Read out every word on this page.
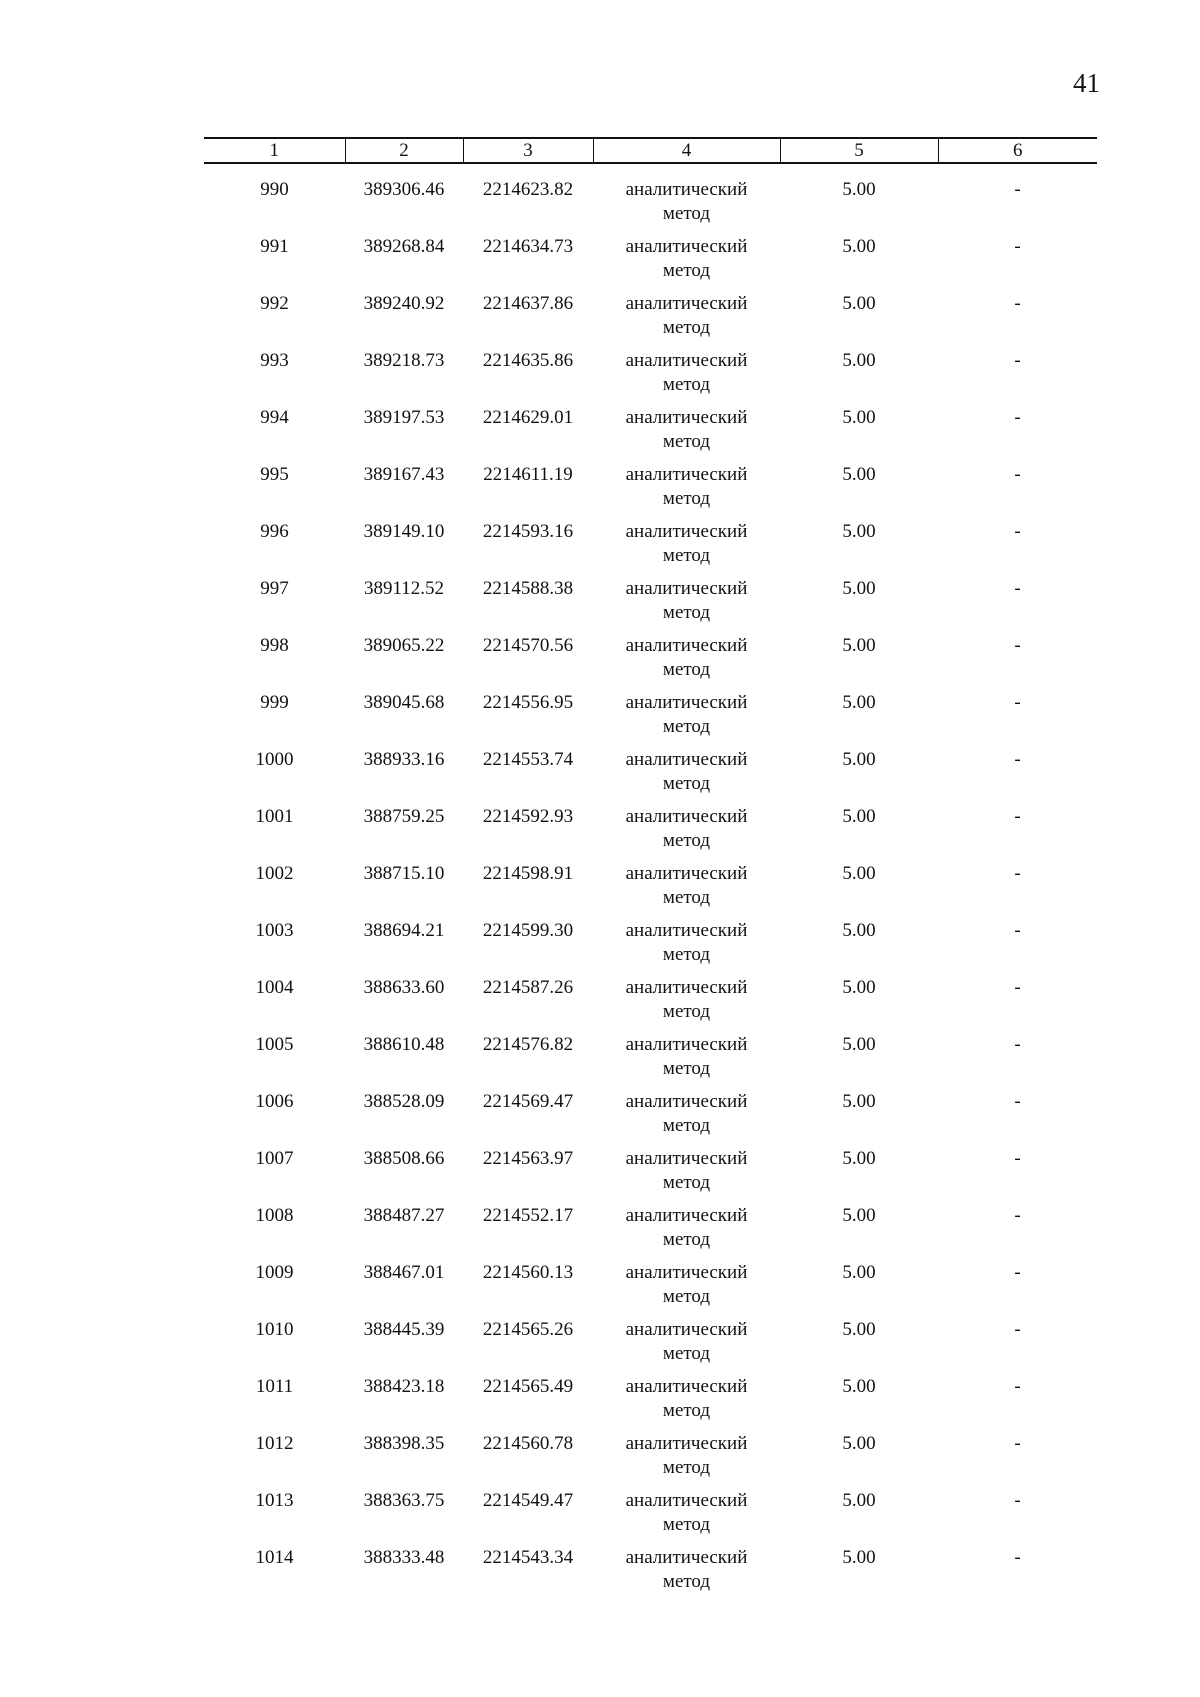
41
1	2	3	4	5	6
990	389306.46	2214623.82	аналитический метод	5.00	-
991	389268.84	2214634.73	аналитический метод	5.00	-
992	389240.92	2214637.86	аналитический метод	5.00	-
993	389218.73	2214635.86	аналитический метод	5.00	-
994	389197.53	2214629.01	аналитический метод	5.00	-
995	389167.43	2214611.19	аналитический метод	5.00	-
996	389149.10	2214593.16	аналитический метод	5.00	-
997	389112.52	2214588.38	аналитический метод	5.00	-
998	389065.22	2214570.56	аналитический метод	5.00	-
999	389045.68	2214556.95	аналитический метод	5.00	-
1000	388933.16	2214553.74	аналитический метод	5.00	-
1001	388759.25	2214592.93	аналитический метод	5.00	-
1002	388715.10	2214598.91	аналитический метод	5.00	-
1003	388694.21	2214599.30	аналитический метод	5.00	-
1004	388633.60	2214587.26	аналитический метод	5.00	-
1005	388610.48	2214576.82	аналитический метод	5.00	-
1006	388528.09	2214569.47	аналитический метод	5.00	-
1007	388508.66	2214563.97	аналитический метод	5.00	-
1008	388487.27	2214552.17	аналитический метод	5.00	-
1009	388467.01	2214560.13	аналитический метод	5.00	-
1010	388445.39	2214565.26	аналитический метод	5.00	-
1011	388423.18	2214565.49	аналитический метод	5.00	-
1012	388398.35	2214560.78	аналитический метод	5.00	-
1013	388363.75	2214549.47	аналитический метод	5.00	-
1014	388333.48	2214543.34	аналитический метод	5.00	-
